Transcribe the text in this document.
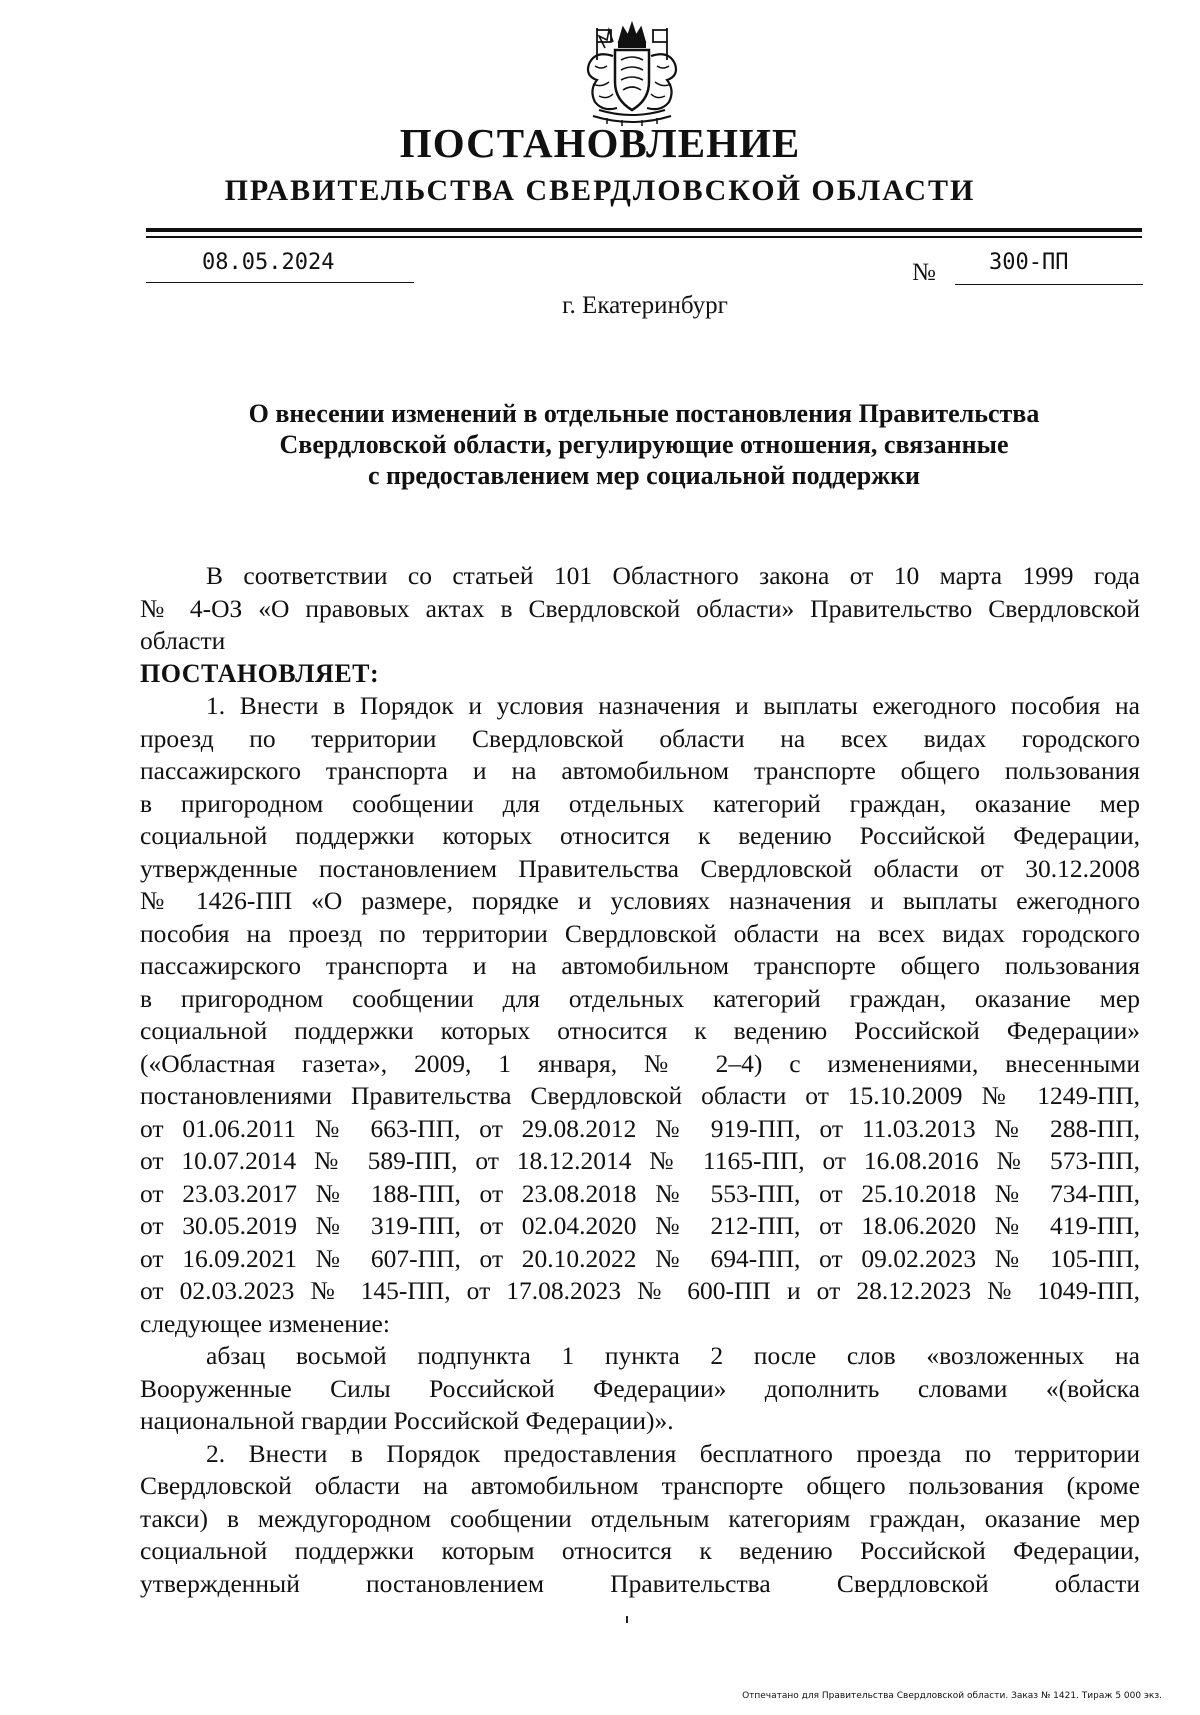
ПОСТАНОВЛЕНИЕ
ПРАВИТЕЛЬСТВА СВЕРДЛОВСКОЙ ОБЛАСТИ
08.05.2024	№ 300-ПП
г. Екатеринбург
О внесении изменений в отдельные постановления Правительства
Свердловской области, регулирующие отношения, связанные
с предоставлением мер социальной поддержки
В соответствии со статьей 101 Областного закона от 10 марта 1999 года
№ 4-ОЗ «О правовых актах в Свердловской области» Правительство Свердловской
области
ПОСТАНОВЛЯЕТ:
1. Внести в Порядок и условия назначения и выплаты ежегодного пособия на
проезд по территории Свердловской области на всех видах городского
пассажирского транспорта и на автомобильном транспорте общего пользования
в пригородном сообщении для отдельных категорий граждан, оказание мер
социальной поддержки которых относится к ведению Российской Федерации,
утвержденные постановлением Правительства Свердловской области от 30.12.2008
№ 1426-ПП «О размере, порядке и условиях назначения и выплаты ежегодного
пособия на проезд по территории Свердловской области на всех видах городского
пассажирского транспорта и на автомобильном транспорте общего пользования
в пригородном сообщении для отдельных категорий граждан, оказание мер
социальной поддержки которых относится к ведению Российской Федерации»
(«Областная газета», 2009, 1 января, № 2–4) с изменениями, внесенными
постановлениями Правительства Свердловской области от 15.10.2009 № 1249-ПП,
от 01.06.2011 № 663-ПП, от 29.08.2012 № 919-ПП, от 11.03.2013 № 288-ПП,
от 10.07.2014 № 589-ПП, от 18.12.2014 № 1165-ПП, от 16.08.2016 № 573-ПП,
от 23.03.2017 № 188-ПП, от 23.08.2018 № 553-ПП, от 25.10.2018 № 734-ПП,
от 30.05.2019 № 319-ПП, от 02.04.2020 № 212-ПП, от 18.06.2020 № 419-ПП,
от 16.09.2021 № 607-ПП, от 20.10.2022 № 694-ПП, от 09.02.2023 № 105-ПП,
от 02.03.2023 № 145-ПП, от 17.08.2023 № 600-ПП и от 28.12.2023 № 1049-ПП,
следующее изменение:
абзац восьмой подпункта 1 пункта 2 после слов «возложенных на
Вооруженные Силы Российской Федерации» дополнить словами «(войска
национальной гвардии Российской Федерации)».
2. Внести в Порядок предоставления бесплатного проезда по территории
Свердловской области на автомобильном транспорте общего пользования (кроме
такси) в междугородном сообщении отдельным категориям граждан, оказание мер
социальной поддержки которым относится к ведению Российской Федерации,
утвержденный постановлением Правительства Свердловской области
Отпечатано для Правительства Свердловской области. Заказ № 1421. Тираж 5 000 экз.
